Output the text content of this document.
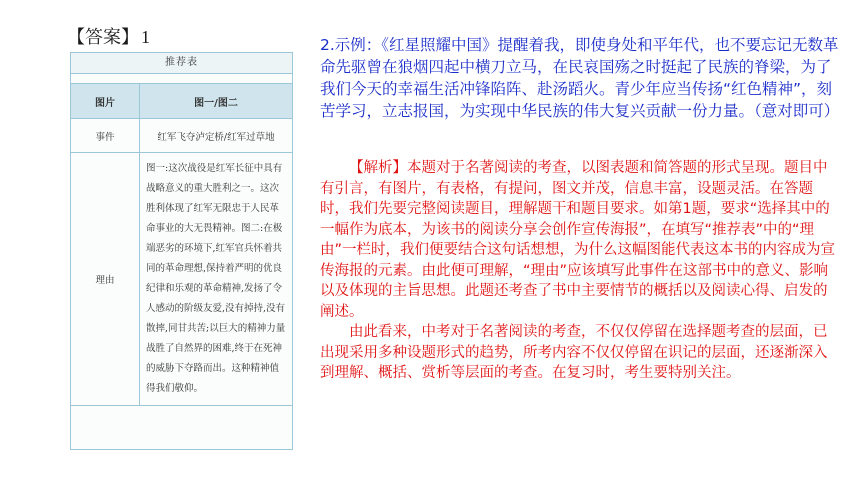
【答案】 1
推荐表
图片	图一/图二
事件	红军飞夺泸定桥/红军过草地
理由	图一:这次战役是红军长征中具有战略意义的重大胜利之一。这次胜利体现了红军无限忠于人民革命事业的大无畏精神。图二:在极端恶劣的环境下,红军官兵怀着共同的革命理想,保持着严明的优良纪律和乐观的革命精神,发扬了令人感动的阶级友爱,没有掉持,没有散摔,同甘共苦;以巨大的精神力量战胜了自然界的困难,终于在死神的威胁下夺路而出。这种精神值得我们敬仰。
2.示例：《红星照耀中国》提醒着我，即使身处和平年代，也不要忘记无数革命先驱曾在狼烟四起中横刀立马，在民哀国殇之时挺起了民族的脊梁，为了我们今天的幸福生活冲锋陷阵、赴汤蹈火。青少年应当传扬“红色精神”，刻苦学习，立志报国，为实现中华民族的伟大复兴贡献一份力量。（意对即可）

【解析】本题对于名著阅读的考查，以图表题和简答题的形式呈现。题目中有引言，有图片，有表格，有提问，图文并茂，信息丰富，设题灵活。在答题时，我们先要完整阅读题目，理解题干和题目要求。如第1题，要求“选择其中的一幅作为底本，为该书的阅读分享会创作宣传海报”，在填写“推荐表”中的“理由”一栏时，我们便要结合这句话想想，为什么这幅图能代表这本书的内容成为宣传海报的元素。由此便可理解，“理由”应该填写此事件在这部书中的意义、影响以及体现的主旨思想。此题还考查了书中主要情节的概括以及阅读心得、启发的阐述。

由此看来，中考对于名著阅读的考查，不仅仅停留在选择题考查的层面，已出现采用多种设题形式的趋势，所考内容不仅仅停留在识记的层面，还逐渐深入到理解、概括、赏析等层面的考查。在复习时，考生要特别关注。
